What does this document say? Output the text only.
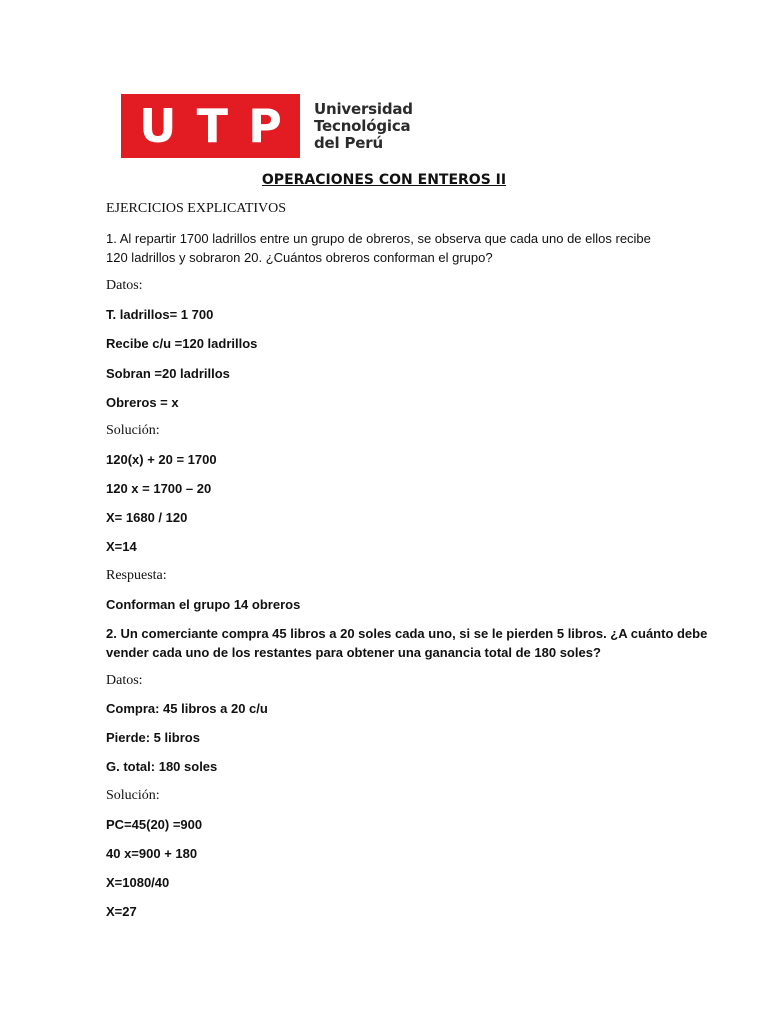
U T P Universidad
Tecnológica
del Perú
OPERACIONES CON ENTEROS II
EJERCICIOS EXPLICATIVOS
1. Al repartir 1700 ladrillos entre un grupo de obreros, se observa que cada uno de ellos recibe
120 ladrillos y sobraron 20. ¿Cuántos obreros conforman el grupo?
Datos:
T. ladrillos= 1 700
Recibe c/u =120 ladrillos
Sobran =20 ladrillos
Obreros = x
Solución:
120(x) + 20 = 1700
120 x = 1700 – 20
X= 1680 / 120
X=14
Respuesta:
Conforman el grupo 14 obreros
2. Un comerciante compra 45 libros a 20 soles cada uno, si se le pierden 5 libros. ¿A cuánto debe
vender cada uno de los restantes para obtener una ganancia total de 180 soles?
Datos:
Compra: 45 libros a 20 c/u
Pierde: 5 libros
G. total: 180 soles
Solución:
PC=45(20) =900
40 x=900 + 180
X=1080/40
X=27
